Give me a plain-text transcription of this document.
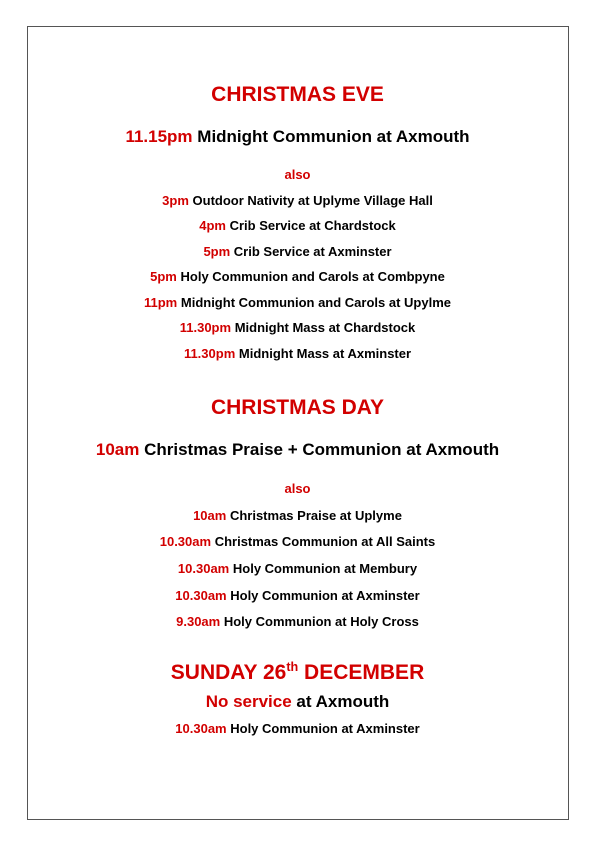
CHRISTMAS EVE
11.15pm Midnight Communion at Axmouth
also
3pm Outdoor Nativity at Uplyme Village Hall
4pm Crib Service at Chardstock
5pm Crib Service at Axminster
5pm Holy Communion and Carols at Combpyne
11pm Midnight Communion and Carols at Upylme
11.30pm Midnight Mass at Chardstock
11.30pm Midnight Mass at Axminster
CHRISTMAS DAY
10am Christmas Praise + Communion at Axmouth
also
10am Christmas Praise at Uplyme
10.30am Christmas Communion at All Saints
10.30am Holy Communion at Membury
10.30am Holy Communion at Axminster
9.30am Holy Communion at Holy Cross
SUNDAY 26th DECEMBER
No service at Axmouth
10.30am Holy Communion at Axminster
